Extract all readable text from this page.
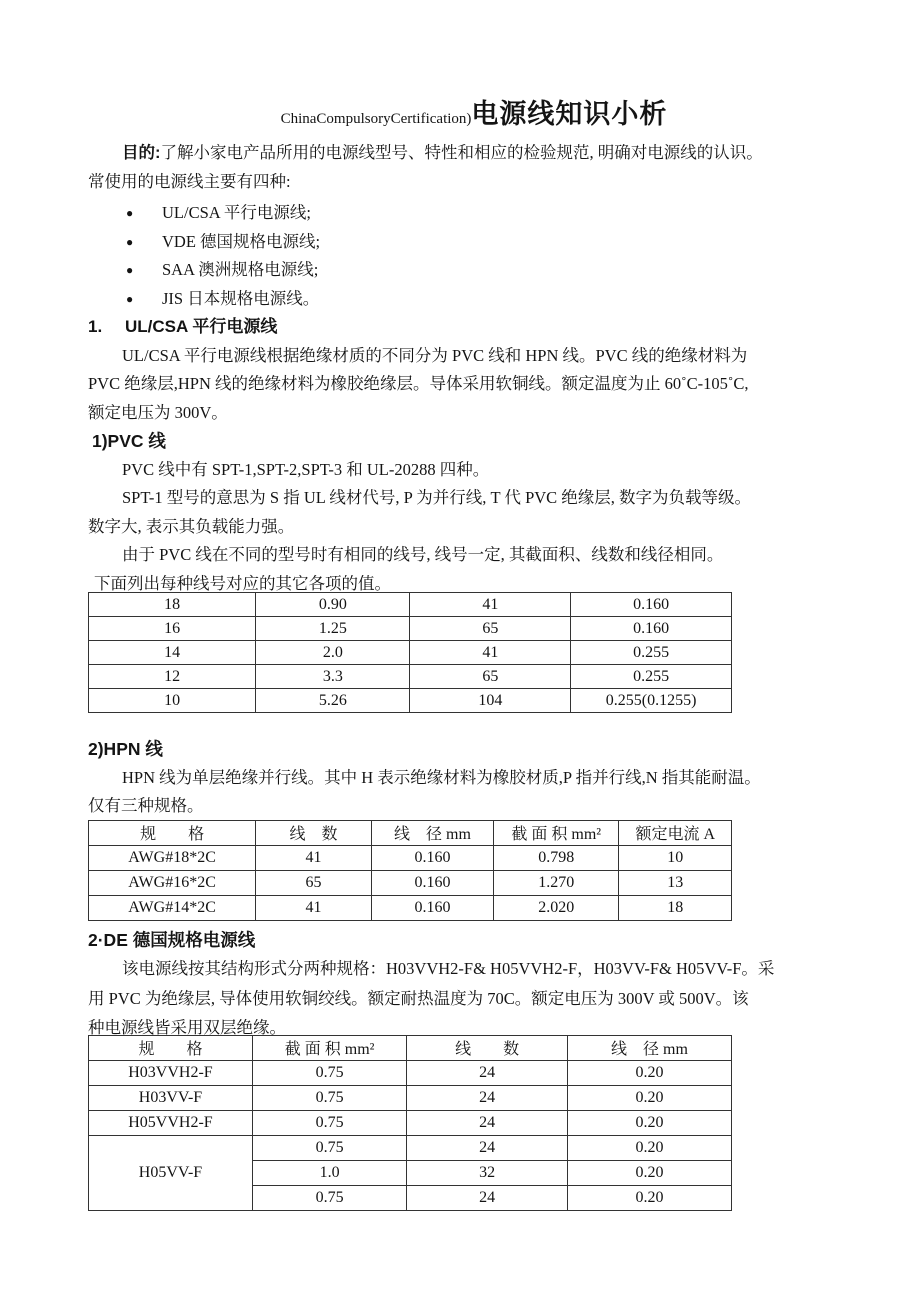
ChinaCompulsoryCertification)电源线知识小析
目的:了解小家电产品所用的电源线型号、特性和相应的检验规范, 明确对电源线的认识。
常使用的电源线主要有四种:
● UL/CSA 平行电源线;
● VDE 德国规格电源线;
● SAA 澳洲规格电源线;
● JIS 日本规格电源线。
1. UL/CSA 平行电源线
UL/CSA 平行电源线根据绝缘材质的不同分为 PVC 线和 HPN 线。PVC 线的绝缘材料为
PVC 绝缘层,HPN 线的绝缘材料为橡胶绝缘层。导体采用软铜线。额定温度为止 60˚C-105˚C,
额定电压为 300V。
1)PVC 线
PVC 线中有 SPT-1,SPT-2,SPT-3 和 UL-20288 四种。
SPT-1 型号的意思为 S 指 UL 线材代号, P 为并行线, T 代 PVC 绝缘层, 数字为负载等级。
数字大, 表示其负载能力强。
由于 PVC 线在不同的型号时有相同的线号, 线号一定, 其截面积、线数和线径相同。
下面列出每种线号对应的其它各项的值。
18	0.90	41	0.160
16	1.25	65	0.160
14	2.0	41	0.255
12	3.3	65	0.255
10	5.26	104	0.255(0.1255)
2)HPN 线
HPN 线为单层绝缘并行线。其中 H 表示绝缘材料为橡胶材质,P 指并行线,N 指其能耐温。
仅有三种规格。
规　　格	线　数	线　径 mm	截 面 积 mm²	额定电流 A
AWG#18*2C	41	0.160	0.798	10
AWG#16*2C	65	0.160	1.270	13
AWG#14*2C	41	0.160	2.020	18
2·DE 德国规格电源线
该电源线按其结构形式分两种规格：H03VVH2-F& H05VVH2-F，H03VV-F& H05VV-F。采
用 PVC 为绝缘层, 导体使用软铜绞线。额定耐热温度为 70C。额定电压为 300V 或 500V。该
种电源线皆采用双层绝缘。
规　　格	截 面 积 mm²	线　　数	线　径 mm
H03VVH2-F	0.75	24	0.20
H03VV-F	0.75	24	0.20
H05VVH2-F	0.75	24	0.20
H05VV-F	0.75	24	0.20
	1.0	32	0.20
	0.75	24	0.20
